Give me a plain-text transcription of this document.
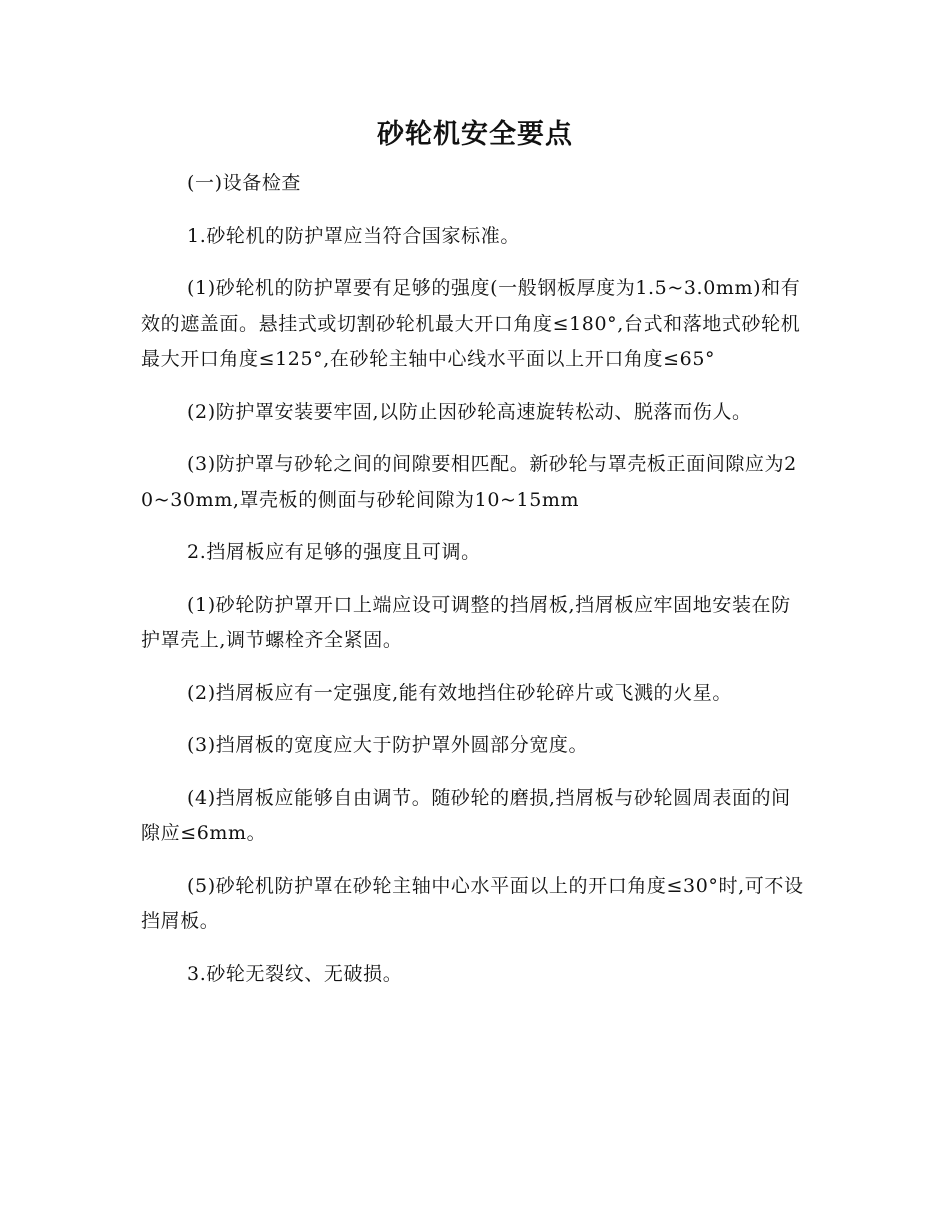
砂轮机安全要点

(一)设备检查

1.砂轮机的防护罩应当符合国家标准。

(1)砂轮机的防护罩要有足够的强度(一般钢板厚度为1.5~3.0mm)和有效的遮盖面。悬挂式或切割砂轮机最大开口角度≤180°,台式和落地式砂轮机最大开口角度≤125°,在砂轮主轴中心线水平面以上开口角度≤65°

(2)防护罩安装要牢固,以防止因砂轮高速旋转松动、脱落而伤人。

(3)防护罩与砂轮之间的间隙要相匹配。新砂轮与罩壳板正面间隙应为20~30mm,罩壳板的侧面与砂轮间隙为10~15mm

2.挡屑板应有足够的强度且可调。

(1)砂轮防护罩开口上端应设可调整的挡屑板,挡屑板应牢固地安装在防护罩壳上,调节螺栓齐全紧固。

(2)挡屑板应有一定强度,能有效地挡住砂轮碎片或飞溅的火星。

(3)挡屑板的宽度应大于防护罩外圆部分宽度。

(4)挡屑板应能够自由调节。随砂轮的磨损,挡屑板与砂轮圆周表面的间隙应≤6mm。

(5)砂轮机防护罩在砂轮主轴中心水平面以上的开口角度≤30°时,可不设挡屑板。

3.砂轮无裂纹、无破损。
